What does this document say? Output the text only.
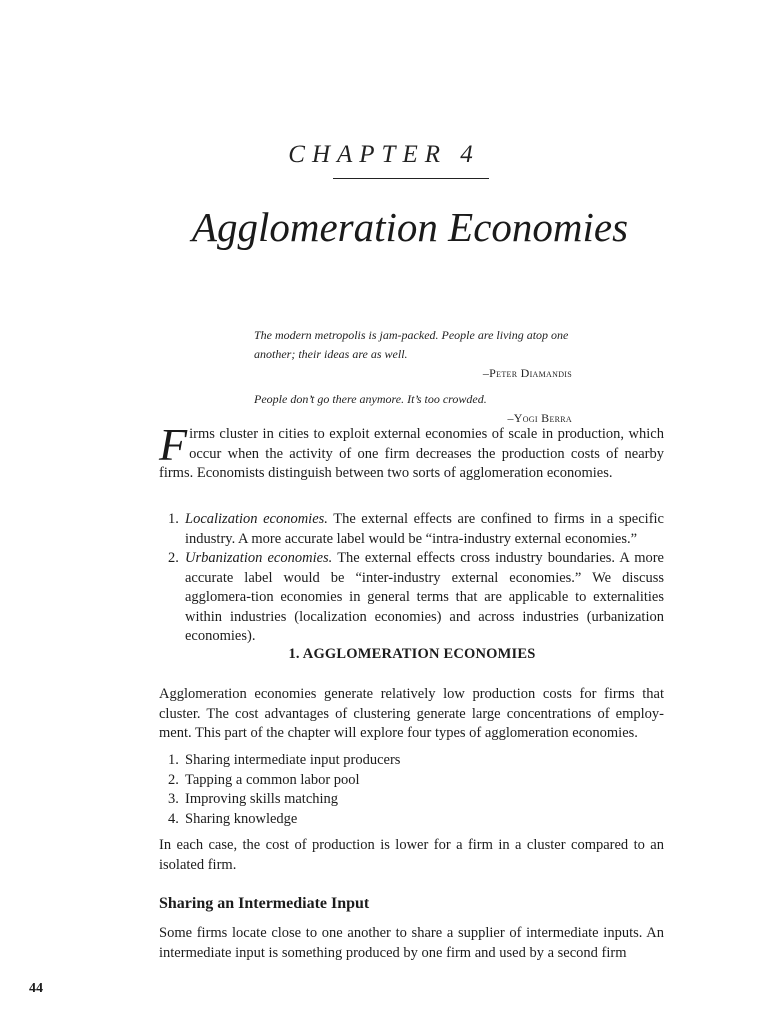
CHAPTER 4
Agglomeration Economies
The modern metropolis is jam-packed. People are living atop one
another; their ideas are as well.
–Peter Diamandis
People don’t go there anymore. It’s too crowded.
–Yogi Berra
Firms cluster in cities to exploit external economies of scale in production, which occur when the activity of one firm decreases the production costs of nearby firms. Economists distinguish between two sorts of agglomeration economies.
1. Localization economies. The external effects are confined to firms in a specific industry. A more accurate label would be “intra-industry external economies.”
2. Urbanization economies. The external effects cross industry boundaries. A more accurate label would be “inter-industry external economies.” We discuss agglomera-tion economies in general terms that are applicable to externalities within industries (localization economies) and across industries (urbanization economies).
1. AGGLOMERATION ECONOMIES
Agglomeration economies generate relatively low production costs for firms that cluster. The cost advantages of clustering generate large concentrations of employ-ment. This part of the chapter will explore four types of agglomeration economies.
1. Sharing intermediate input producers
2. Tapping a common labor pool
3. Improving skills matching
4. Sharing knowledge
In each case, the cost of production is lower for a firm in a cluster compared to an isolated firm.
Sharing an Intermediate Input
Some firms locate close to one another to share a supplier of intermediate inputs. An intermediate input is something produced by one firm and used by a second firm
44
